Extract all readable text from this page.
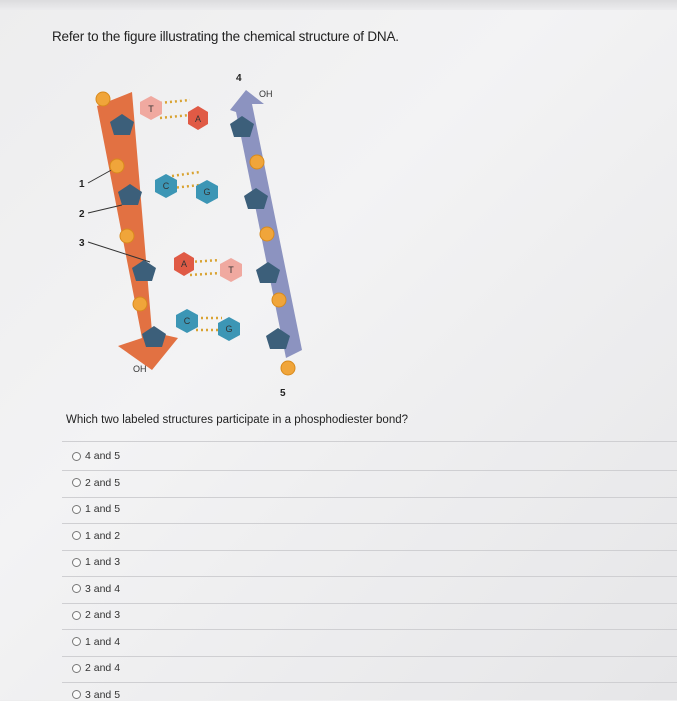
Refer to the figure illustrating the chemical structure of DNA.
OH
OH
4
5
1
2
3
T
A
C
G
A
T
C
G
Which two labeled structures participate in a phosphodiester bond?
4 and 5
2 and 5
1 and 5
1 and 2
1 and 3
3 and 4
2 and 3
1 and 4
2 and 4
3 and 5
